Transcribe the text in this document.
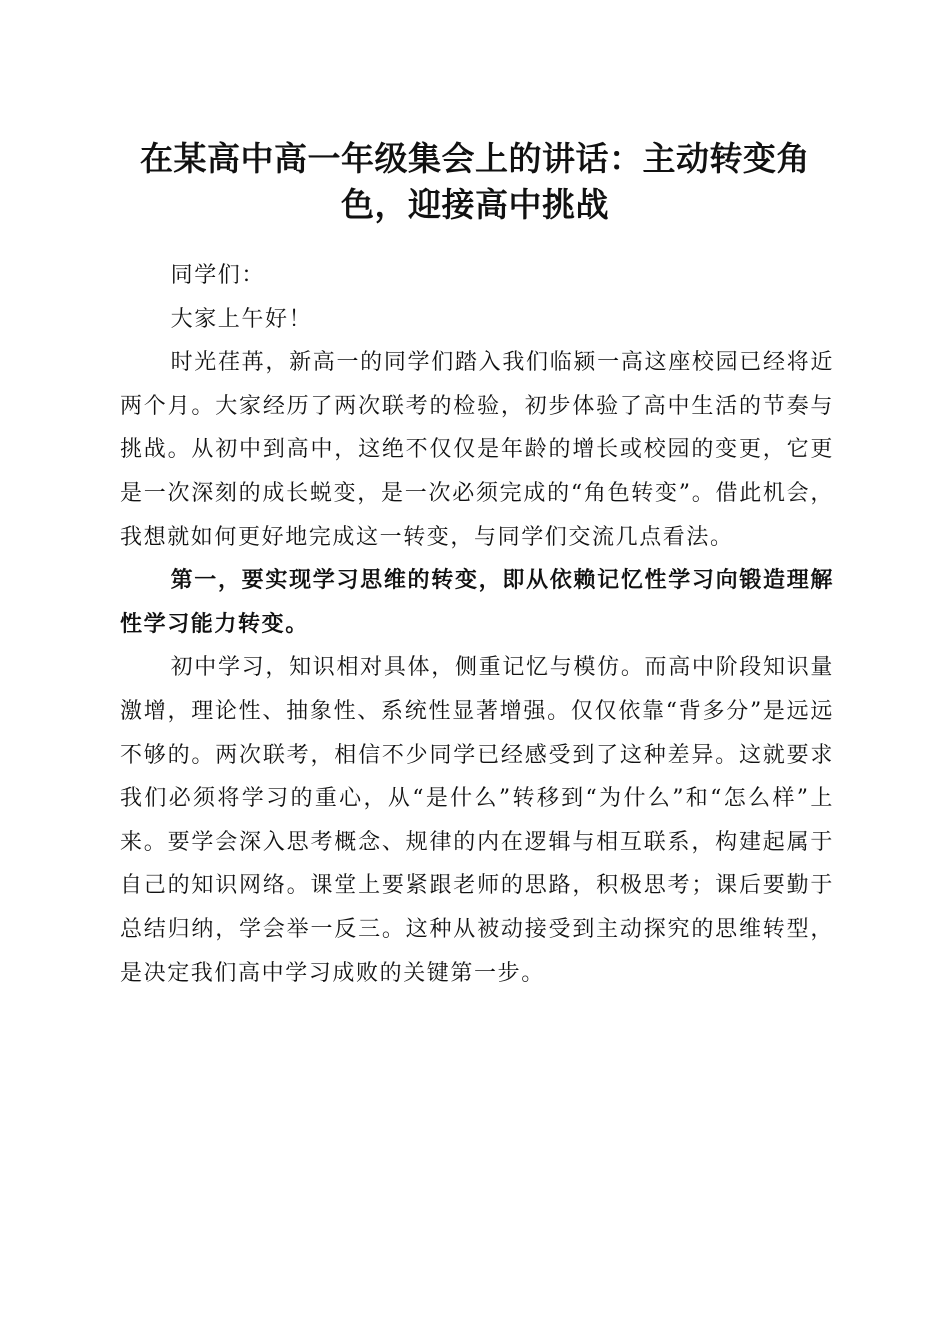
在某高中高一年级集会上的讲话：主动转变角色，迎接高中挑战

同学们：

大家上午好！

时光荏苒，新高一的同学们踏入我们临颍一高这座校园已经将近两个月。大家经历了两次联考的检验，初步体验了高中生活的节奏与挑战。从初中到高中，这绝不仅仅是年龄的增长或校园的变更，它更是一次深刻的成长蜕变，是一次必须完成的“角色转变”。借此机会，我想就如何更好地完成这一转变，与同学们交流几点看法。

第一，要实现学习思维的转变，即从依赖记忆性学习向锻造理解性学习能力转变。

初中学习，知识相对具体，侧重记忆与模仿。而高中阶段知识量激增，理论性、抽象性、系统性显著增强。仅仅依靠“背多分”是远远不够的。两次联考，相信不少同学已经感受到了这种差异。这就要求我们必须将学习的重心，从“是什么”转移到“为什么”和“怎么样”上来。要学会深入思考概念、规律的内在逻辑与相互联系，构建起属于自己的知识网络。课堂上要紧跟老师的思路，积极思考；课后要勤于总结归纳，学会举一反三。这种从被动接受到主动探究的思维转型，是决定我们高中学习成败的关键第一步。
